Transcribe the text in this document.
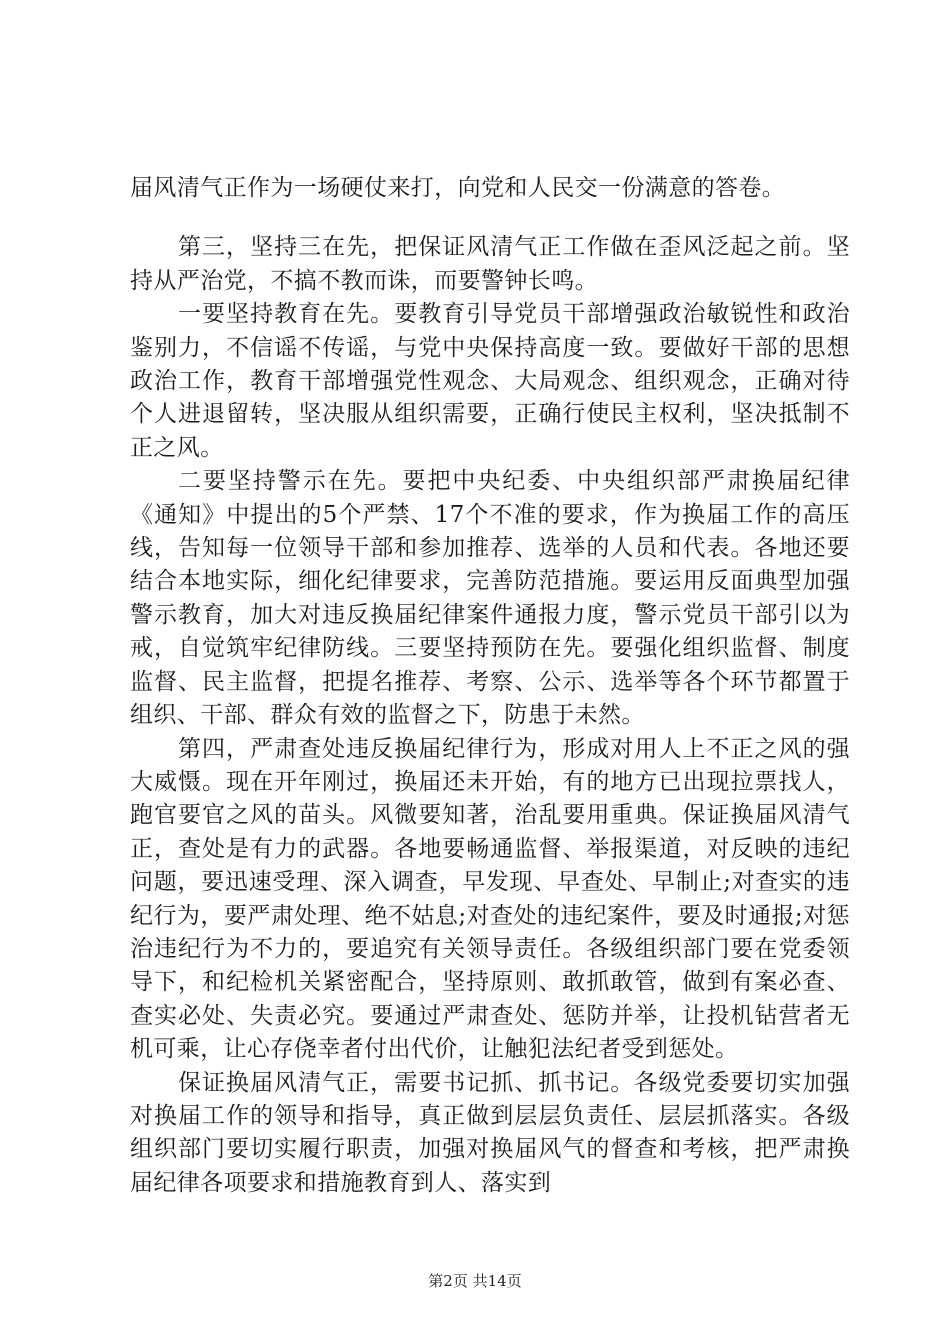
届风清气正作为一场硬仗来打，向党和人民交一份满意的答卷。

第三，坚持三在先，把保证风清气正工作做在歪风泛起之前。坚持从严治党，不搞不教而诛，而要警钟长鸣。

一要坚持教育在先。要教育引导党员干部增强政治敏锐性和政治鉴别力，不信谣不传谣，与党中央保持高度一致。要做好干部的思想政治工作，教育干部增强党性观念、大局观念、组织观念，正确对待个人进退留转，坚决服从组织需要，正确行使民主权利，坚决抵制不正之风。

二要坚持警示在先。要把中央纪委、中央组织部严肃换届纪律《通知》中提出的5个严禁、17个不准的要求，作为换届工作的高压线，告知每一位领导干部和参加推荐、选举的人员和代表。各地还要结合本地实际，细化纪律要求，完善防范措施。要运用反面典型加强警示教育，加大对违反换届纪律案件通报力度，警示党员干部引以为戒，自觉筑牢纪律防线。三要坚持预防在先。要强化组织监督、制度监督、民主监督，把提名推荐、考察、公示、选举等各个环节都置于组织、干部、群众有效的监督之下，防患于未然。

第四，严肃查处违反换届纪律行为，形成对用人上不正之风的强大威慑。现在开年刚过，换届还未开始，有的地方已出现拉票找人，跑官要官之风的苗头。风微要知著，治乱要用重典。保证换届风清气正，查处是有力的武器。各地要畅通监督、举报渠道，对反映的违纪问题，要迅速受理、深入调查，早发现、早查处、早制止;对查实的违纪行为，要严肃处理、绝不姑息;对查处的违纪案件，要及时通报;对惩治违纪行为不力的，要追究有关领导责任。各级组织部门要在党委领导下，和纪检机关紧密配合，坚持原则、敢抓敢管，做到有案必查、查实必处、失责必究。要通过严肃查处、惩防并举，让投机钻营者无机可乘，让心存侥幸者付出代价，让触犯法纪者受到惩处。

保证换届风清气正，需要书记抓、抓书记。各级党委要切实加强对换届工作的领导和指导，真正做到层层负责任、层层抓落实。各级组织部门要切实履行职责，加强对换届风气的督查和考核，把严肃换届纪律各项要求和措施教育到人、落实到

第2页 共14页
